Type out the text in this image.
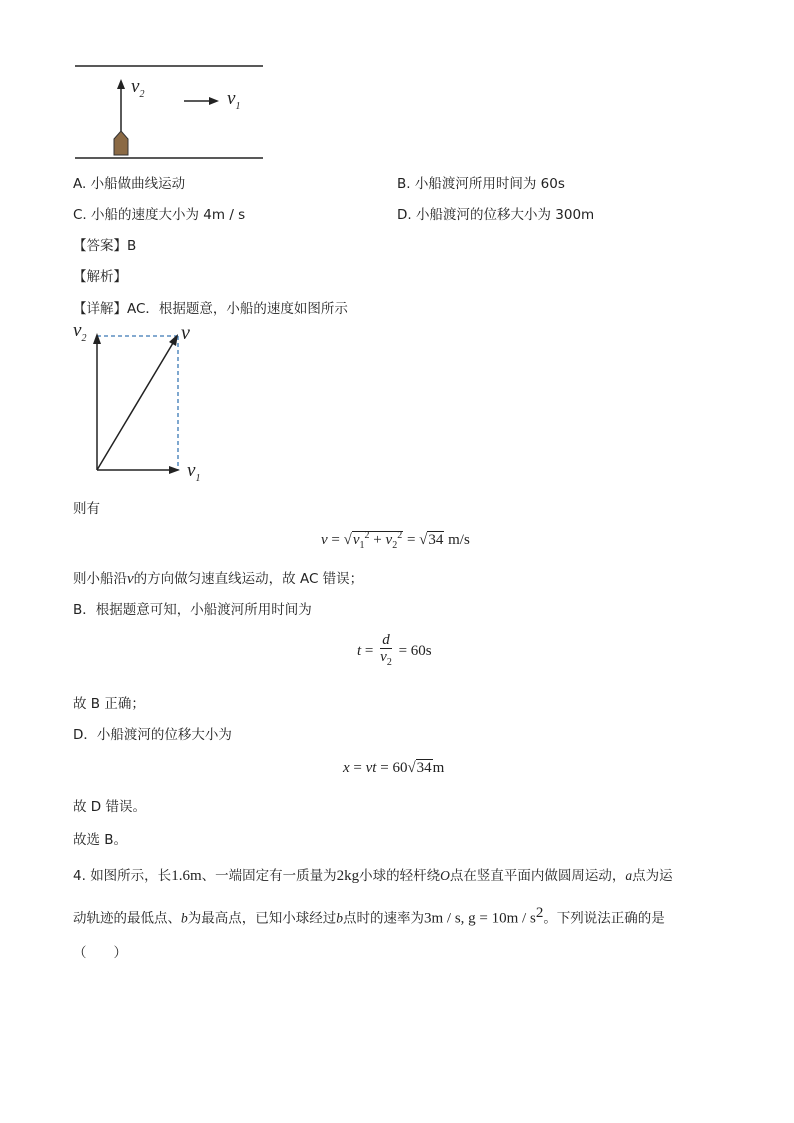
$v_2$	$v_1$
A. 小船做曲线运动	B. 小船渡河所用时间为 60s
C. 小船的速度大小为 4m / s	D. 小船渡河的位移大小为 300m
【答案】B
【解析】
【详解】AC．根据题意，小船的速度如图所示
$v_2$	v
$v_1$
则有
$v = √v_1^2 + v_2^2 = √34$ m/s
则小船沿v的方向做匀速直线运动，故 AC 错误；
B．根据题意可知，小船渡河所用时间为
$t = \frac{d}{v_2} = 60s$
故 B 正确；
D．小船渡河的位移大小为
x = vt = 60√34m
故 D 错误。
故选 B。
4. 如图所示，长1.6m、一端固定有一质量为2kg小球的轻杆绕O点在竖直平面内做圆周运动，a点为运
动轨迹的最低点、b为最高点，已知小球经过b点时的速率为3m / s, $g = 10m / s^2$。下列说法正确的是
（　　）
